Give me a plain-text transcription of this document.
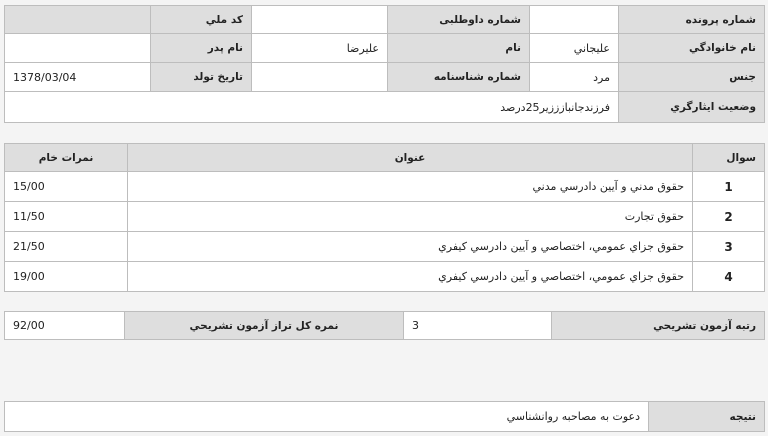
شماره پرونده		شماره داوطلبی		کد ملي	
نام خانوادگي	عليجاني	نام	عليرضا	نام پدر	
جنس	مرد	شماره شناسنامه		تاريخ تولد	1378/03/04
وضعيت ايثارگري	فرزندجانبازززیر25درصد				
سوال	عنوان	نمرات خام
1	حقوق مدني و آيين دادرسي مدني	15/00
2	حقوق تجارت	11/50
3	حقوق جزاي عمومي، اختصاصي و آيين دادرسي كيفري	21/50
4	حقوق جزاي عمومي، اختصاصي و آيين دادرسي كيفري	19/00
رتبه آزمون تشريحي	3	نمره كل تراز آزمون تشريحي	92/00
نتيجه	دعوت به مصاحبه روانشناسي
